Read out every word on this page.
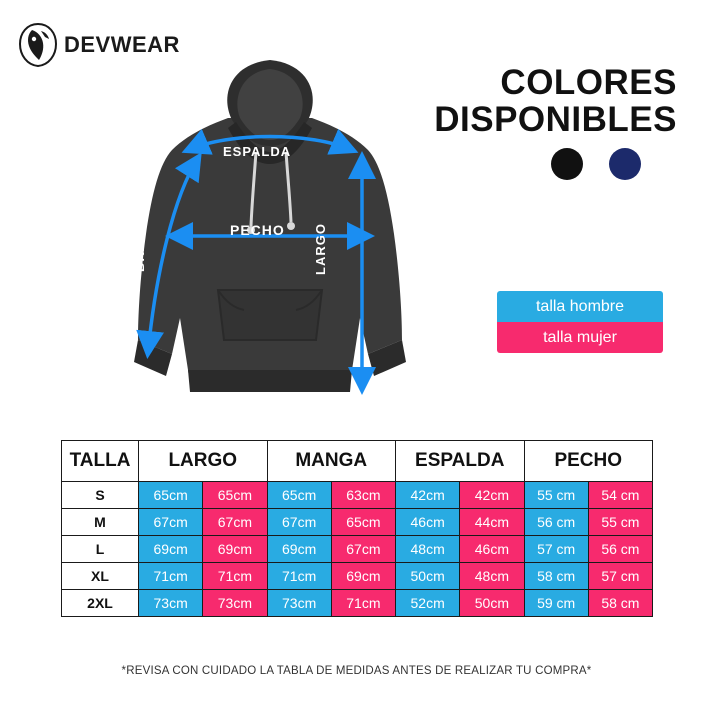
DEVWEAR
ESPALDA
PECHO
BRAZO	LARGO
COLORES
DISPONIBLES
talla hombre
talla mujer
TALLA	LARGO		MANGA		ESPALDA		PECHO	
S	65cm	65cm	65cm	63cm	42cm	42cm	55 cm	54 cm
M	67cm	67cm	67cm	65cm	46cm	44cm	56 cm	55 cm
L	69cm	69cm	69cm	67cm	48cm	46cm	57 cm	56 cm
XL	71cm	71cm	71cm	69cm	50cm	48cm	58 cm	57 cm
2XL	73cm	73cm	73cm	71cm	52cm	50cm	59 cm	58 cm
*REVISA CON CUIDADO LA TABLA DE MEDIDAS ANTES DE REALIZAR TU COMPRA*
